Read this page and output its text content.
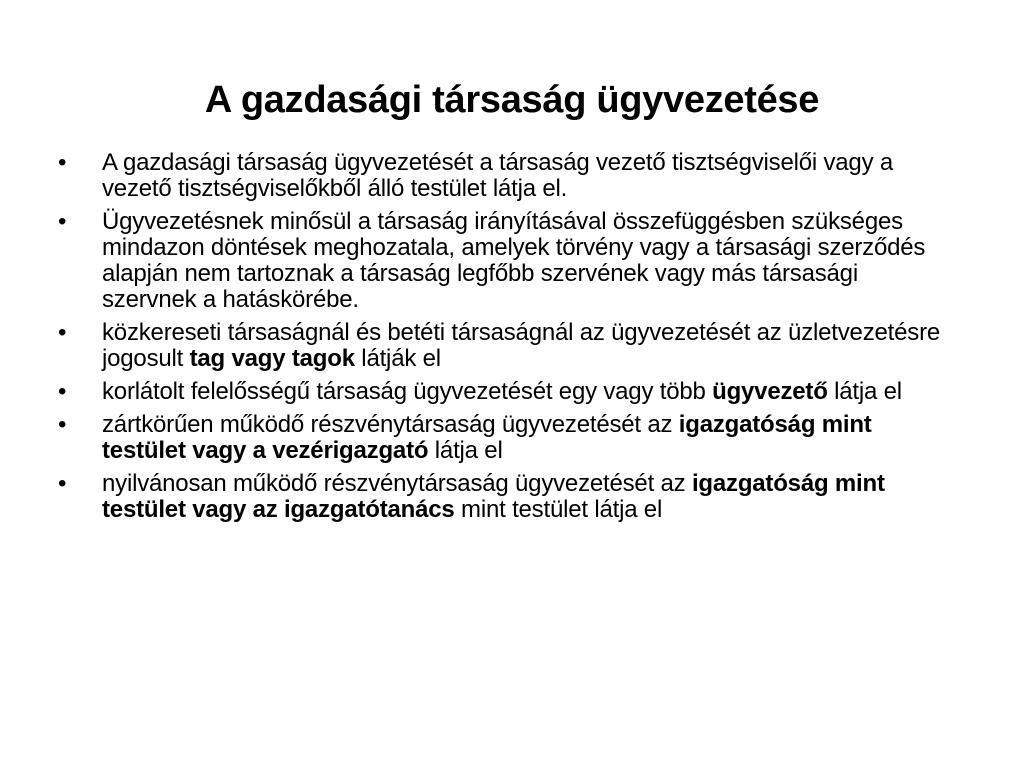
A gazdasági társaság ügyvezetése
• A gazdasági társaság ügyvezetését a társaság vezető tisztségviselői vagy a vezető tisztségviselőkből álló testület látja el.
• Ügyvezetésnek minősül a társaság irányításával összefüggésben szükséges mindazon döntések meghozatala, amelyek törvény vagy a társasági szerződés alapján nem tartoznak a társaság legfőbb szervének vagy más társasági szervnek a hatáskörébe.
• közkereseti társaságnál és betéti társaságnál az ügyvezetését az üzletvezetésre jogosult tag vagy tagok látják el
• korlátolt felelősségű társaság ügyvezetését egy vagy több ügyvezető látja el
• zártkörűen működő részvénytársaság ügyvezetését az igazgatóság mint testület vagy a vezérigazgató látja el
• nyilvánosan működő részvénytársaság ügyvezetését az igazgatóság mint testület vagy az igazgatótanács mint testület látja el
